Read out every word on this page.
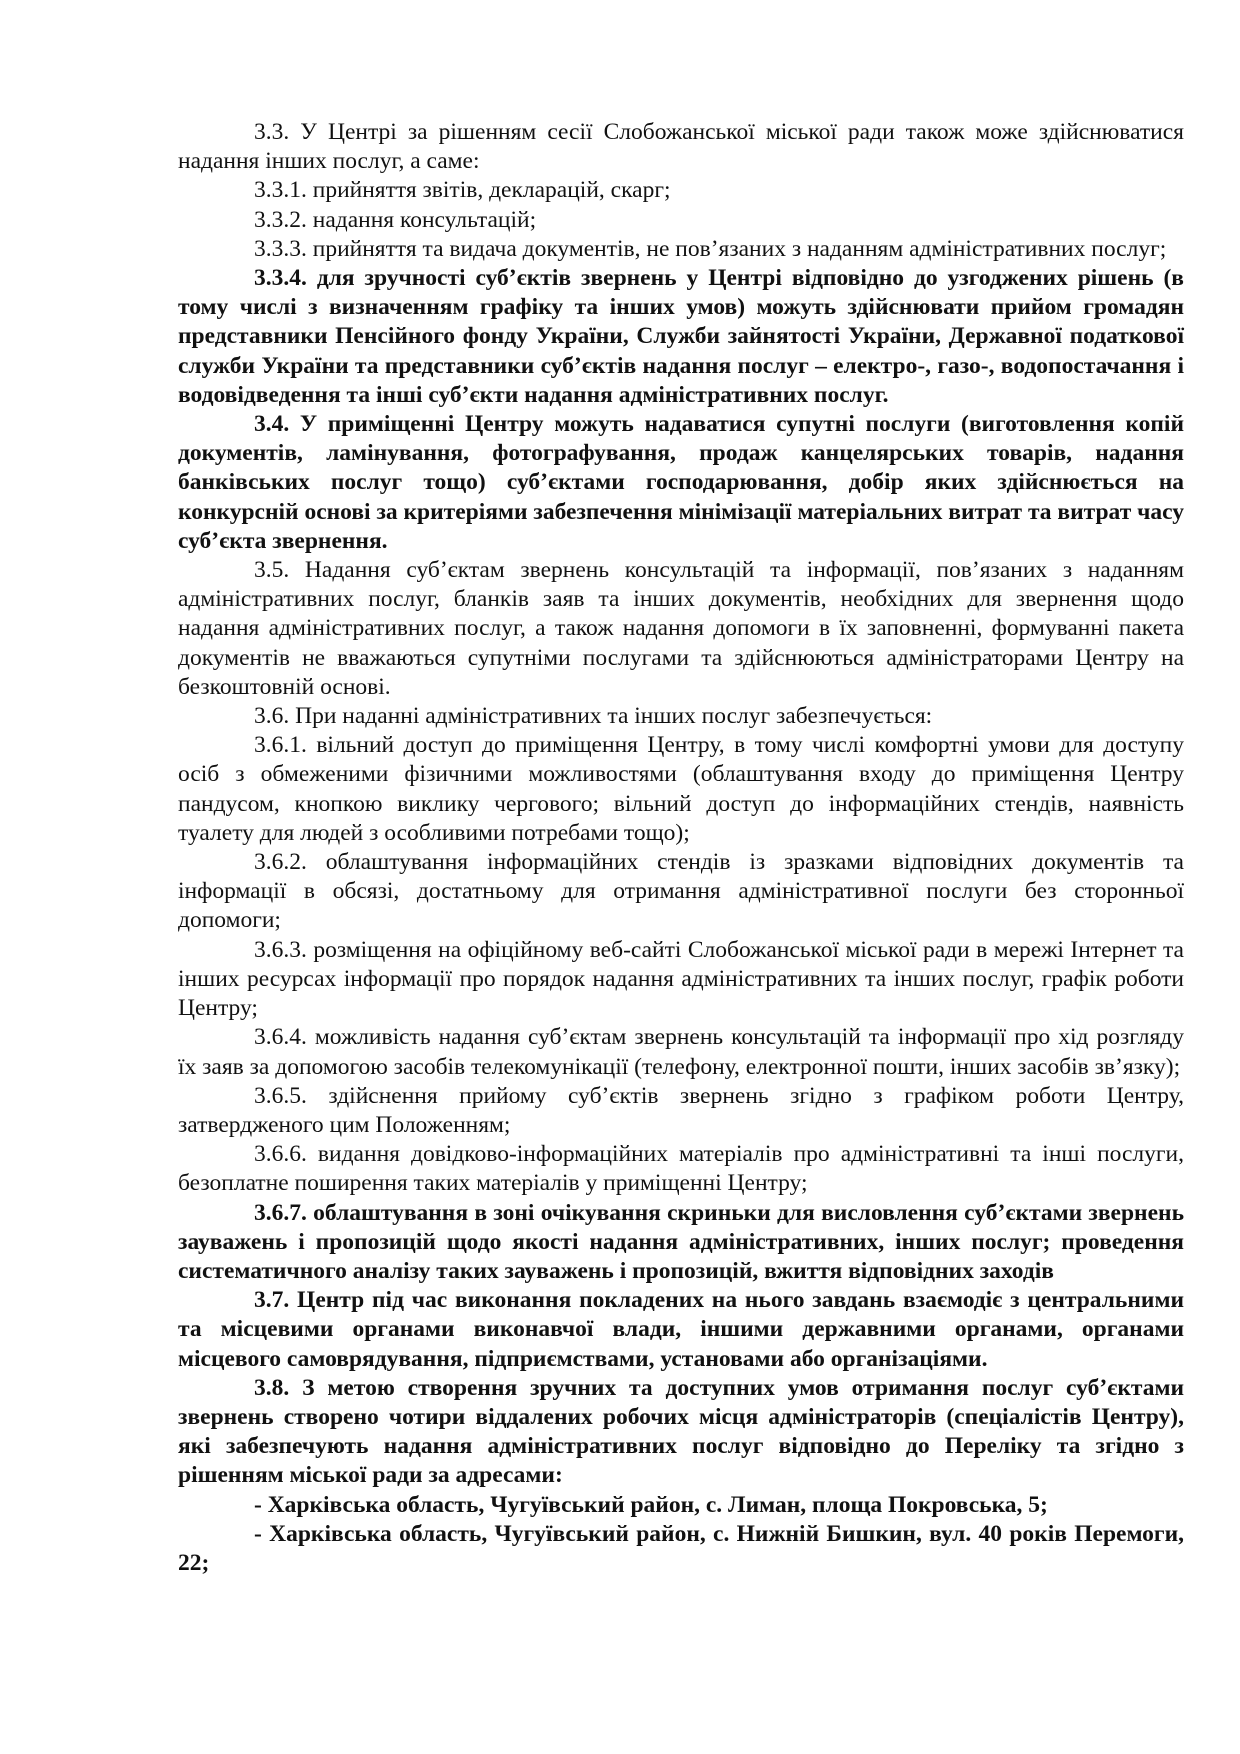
3.3. У Центрі за рішенням сесії Слобожанської міської ради також може здійснюватися надання інших послуг, а саме:

3.3.1. прийняття звітів, декларацій, скарг;

3.3.2. надання консультацій;

3.3.3. прийняття та видача документів, не пов’язаних з наданням адміністративних послуг;

3.3.4. для зручності суб’єктів звернень у Центрі відповідно до узгоджених рішень (в тому числі з визначенням графіку та інших умов) можуть здійснювати прийом громадян представники Пенсійного фонду України, Служби зайнятості України, Державної податкової служби України та представники суб’єктів надання послуг – електро-, газо-, водопостачання і водовідведення та інші суб’єкти надання адміністративних послуг.

3.4. У приміщенні Центру можуть надаватися супутні послуги (виготовлення копій документів, ламінування, фотографування, продаж канцелярських товарів, надання банківських послуг тощо) суб’єктами господарювання, добір яких здійснюється на конкурсній основі за критеріями забезпечення мінімізації матеріальних витрат та витрат часу суб’єкта звернення.

3.5. Надання суб’єктам звернень консультацій та інформації, пов’язаних з наданням адміністративних послуг, бланків заяв та інших документів, необхідних для звернення щодо надання адміністративних послуг, а також надання допомоги в їх заповненні, формуванні пакета документів не вважаються супутніми послугами та здійснюються адміністраторами Центру на безкоштовній основі.

3.6. При наданні адміністративних та інших послуг забезпечується:

3.6.1. вільний доступ до приміщення Центру, в тому числі комфортні умови для доступу осіб з обмеженими фізичними можливостями (облаштування входу до приміщення Центру пандусом, кнопкою виклику чергового; вільний доступ до інформаційних стендів, наявність туалету для людей з особливими потребами тощо);

3.6.2. облаштування інформаційних стендів із зразками відповідних документів та інформації в обсязі, достатньому для отримання адміністративної послуги без сторонньої допомоги;

3.6.3. розміщення на офіційному веб-сайті Слобожанської міської ради в мережі Інтернет та інших ресурсах інформації про порядок надання адміністративних та інших послуг, графік роботи Центру;

3.6.4. можливість надання суб’єктам звернень консультацій та інформації про хід розгляду їх заяв за допомогою засобів телекомунікації (телефону, електронної пошти, інших засобів зв’язку);

3.6.5. здійснення прийому суб’єктів звернень згідно з графіком роботи Центру, затвердженого цим Положенням;

3.6.6. видання довідково-інформаційних матеріалів про адміністративні та інші послуги, безоплатне поширення таких матеріалів у приміщенні Центру;

3.6.7. облаштування в зоні очікування скриньки для висловлення суб’єктами звернень зауважень і пропозицій щодо якості надання адміністративних, інших послуг; проведення систематичного аналізу таких зауважень і пропозицій, вжиття відповідних заходів

3.7. Центр під час виконання покладених на нього завдань взаємодіє з центральними та місцевими органами виконавчої влади, іншими державними органами, органами місцевого самоврядування, підприємствами, установами або організаціями.

3.8. З метою створення зручних та доступних умов отримання послуг суб’єктами звернень створено чотири віддалених робочих місця адміністраторів (спеціалістів Центру), які забезпечують надання адміністративних послуг відповідно до Переліку та згідно з рішенням міської ради за адресами:

- Харківська область, Чугуївський район, с. Лиман, площа Покровська, 5;

- Харківська область, Чугуївський район, с. Нижній Бишкин, вул. 40 років Перемоги, 22;
